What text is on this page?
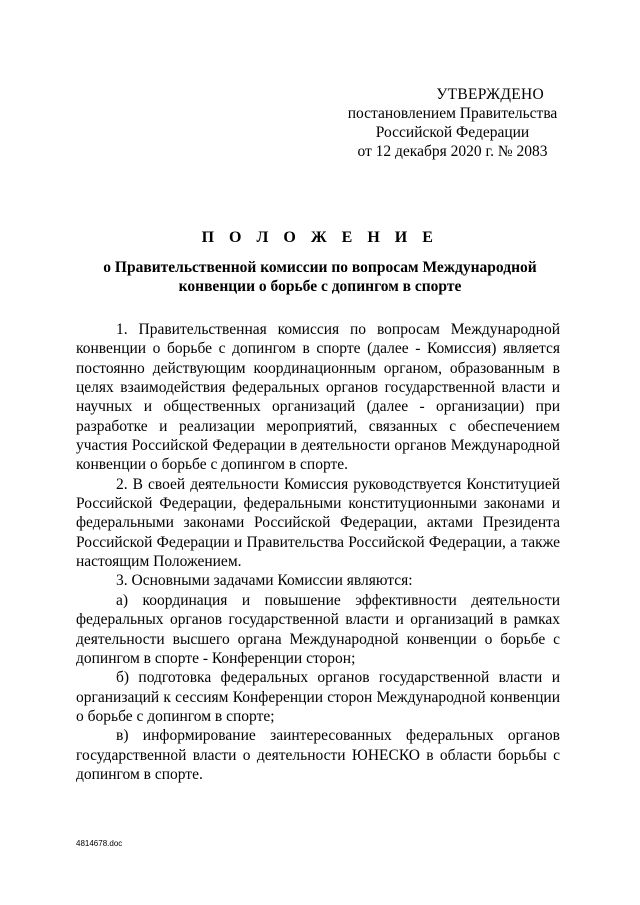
УТВЕРЖДЕНО
постановлением Правительства
Российской Федерации
от 12 декабря 2020 г. № 2083
П О Л О Ж Е Н И Е
о Правительственной комиссии по вопросам Международной конвенции о борьбе с допингом в спорте

1. Правительственная комиссия по вопросам Международной конвенции о борьбе с допингом в спорте (далее - Комиссия) является постоянно действующим координационным органом, образованным в целях взаимодействия федеральных органов государственной власти и научных и общественных организаций (далее - организации) при разработке и реализации мероприятий, связанных с обеспечением участия Российской Федерации в деятельности органов Международной конвенции о борьбе с допингом в спорте.

2. В своей деятельности Комиссия руководствуется Конституцией Российской Федерации, федеральными конституционными законами и федеральными законами Российской Федерации, актами Президента Российской Федерации и Правительства Российской Федерации, а также настоящим Положением.

3. Основными задачами Комиссии являются:

а) координация и повышение эффективности деятельности федеральных органов государственной власти и организаций в рамках деятельности высшего органа Международной конвенции о борьбе с допингом в спорте - Конференции сторон;

б) подготовка федеральных органов государственной власти и организаций к сессиям Конференции сторон Международной конвенции о борьбе с допингом в спорте;

в) информирование заинтересованных федеральных органов государственной власти о деятельности ЮНЕСКО в области борьбы с допингом в спорте.

4814678.doc
